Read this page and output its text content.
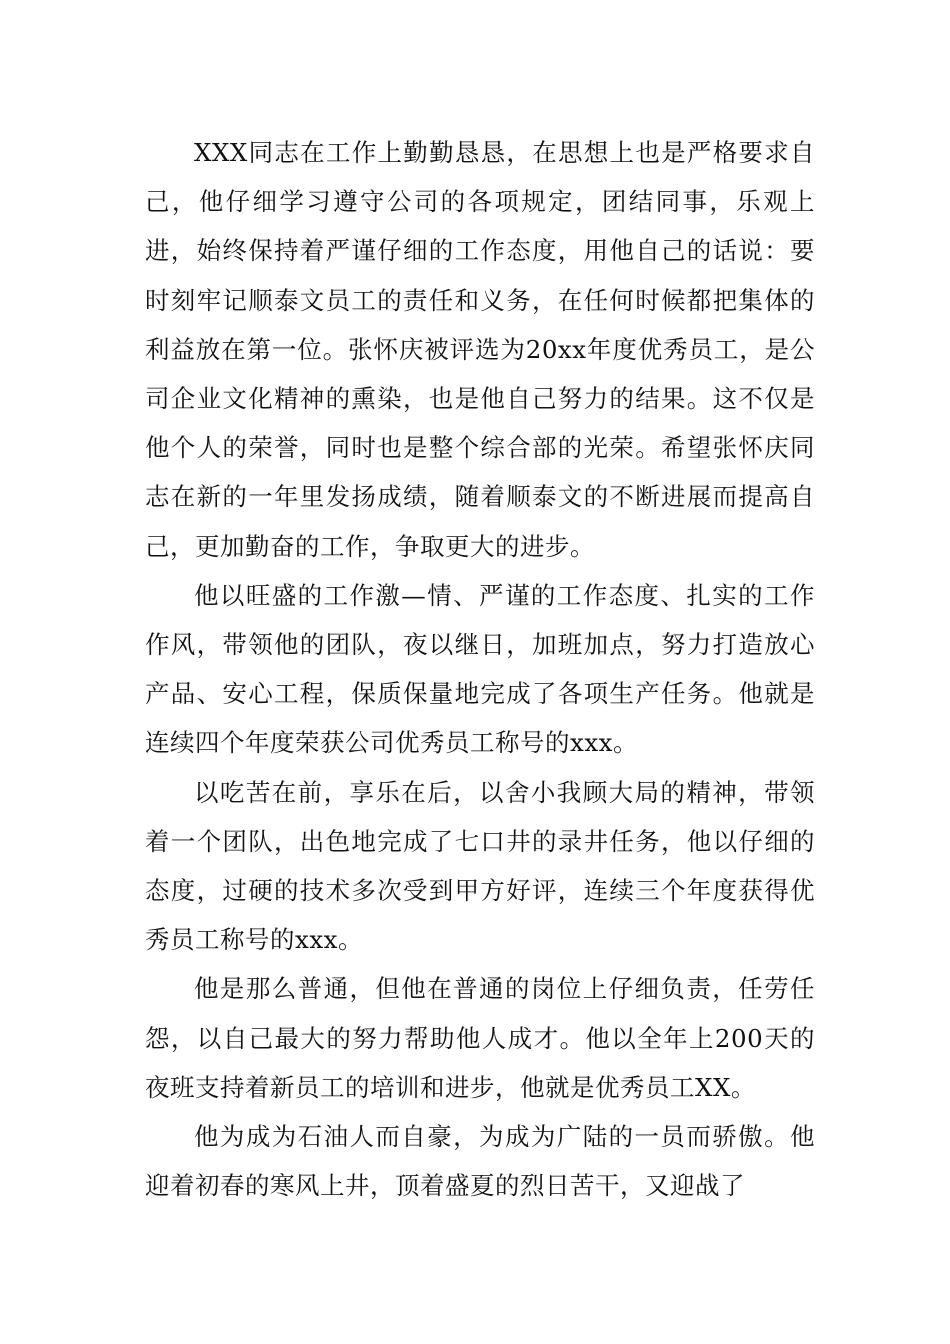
XXX同志在工作上勤勤恳恳，在思想上也是严格要求自己，他仔细学习遵守公司的各项规定，团结同事，乐观上进，始终保持着严谨仔细的工作态度，用他自己的话说：要时刻牢记顺泰文员工的责任和义务，在任何时候都把集体的利益放在第一位。张怀庆被评选为20xx年度优秀员工，是公司企业文化精神的熏染，也是他自己努力的结果。这不仅是他个人的荣誉，同时也是整个综合部的光荣。希望张怀庆同志在新的一年里发扬成绩，随着顺泰文的不断进展而提高自己，更加勤奋的工作，争取更大的进步。

他以旺盛的工作激—情、严谨的工作态度、扎实的工作作风，带领他的团队，夜以继日，加班加点，努力打造放心产品、安心工程，保质保量地完成了各项生产任务。他就是连续四个年度荣获公司优秀员工称号的xxx。

以吃苦在前，享乐在后，以舍小我顾大局的精神，带领着一个团队，出色地完成了七口井的录井任务，他以仔细的态度，过硬的技术多次受到甲方好评，连续三个年度获得优秀员工称号的xxx。

他是那么普通，但他在普通的岗位上仔细负责，任劳任怨，以自己最大的努力帮助他人成才。他以全年上200天的夜班支持着新员工的培训和进步，他就是优秀员工XX。

他为成为石油人而自豪，为成为广陆的一员而骄傲。他迎着初春的寒风上井，顶着盛夏的烈日苦干，又迎战了
